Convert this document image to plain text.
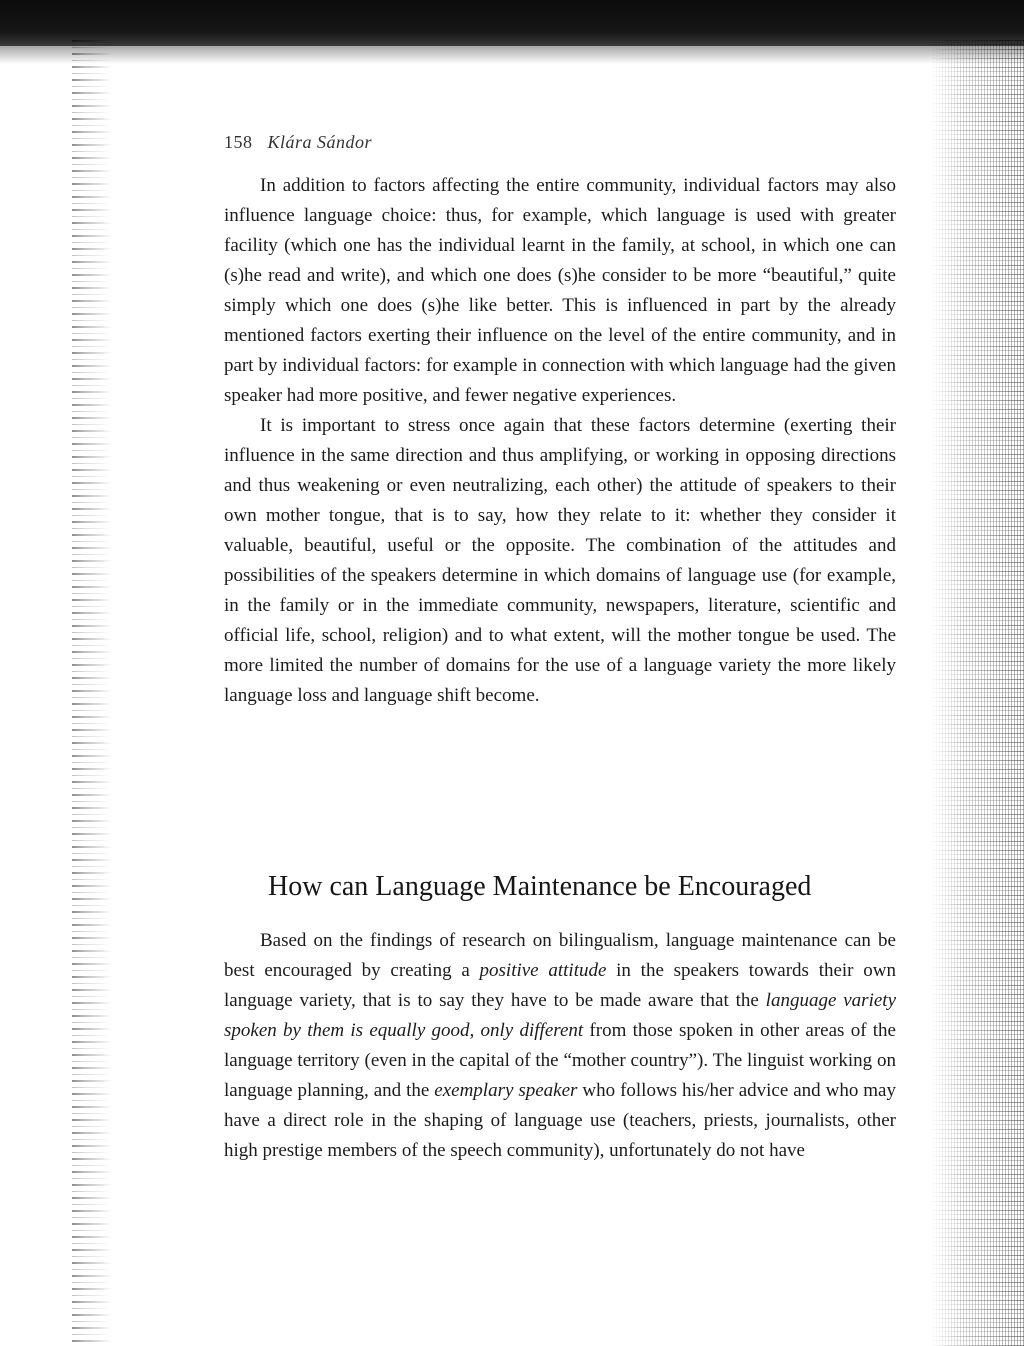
158 Klára Sándor

In addition to factors affecting the entire community, individual factors may also influence language choice: thus, for example, which language is used with greater facility (which one has the individual learnt in the family, at school, in which one can (s)he read and write), and which one does (s)he consider to be more “beautiful,” quite simply which one does (s)he like better. This is influenced in part by the already mentioned factors exerting their influence on the level of the entire community, and in part by individual factors: for example in connection with which language had the given speaker had more positive, and fewer negative experiences.

It is important to stress once again that these factors determine (exerting their influence in the same direction and thus amplifying, or working in opposing directions and thus weakening or even neutralizing, each other) the attitude of speakers to their own mother tongue, that is to say, how they relate to it: whether they consider it valuable, beautiful, useful or the opposite. The combination of the attitudes and possibilities of the speakers determine in which domains of language use (for example, in the family or in the immediate community, newspapers, literature, scientific and official life, school, religion) and to what extent, will the mother tongue be used. The more limited the number of domains for the use of a language variety the more likely language loss and language shift become.

How can Language Maintenance be Encouraged

Based on the findings of research on bilingualism, language maintenance can be best encouraged by creating a positive attitude in the speakers towards their own language variety, that is to say they have to be made aware that the language variety spoken by them is equally good, only different from those spoken in other areas of the language territory (even in the capital of the “mother country”). The linguist working on language planning, and the exemplary speaker who follows his/her advice and who may have a direct role in the shaping of language use (teachers, priests, journalists, other high prestige members of the speech community), unfortunately do not have
